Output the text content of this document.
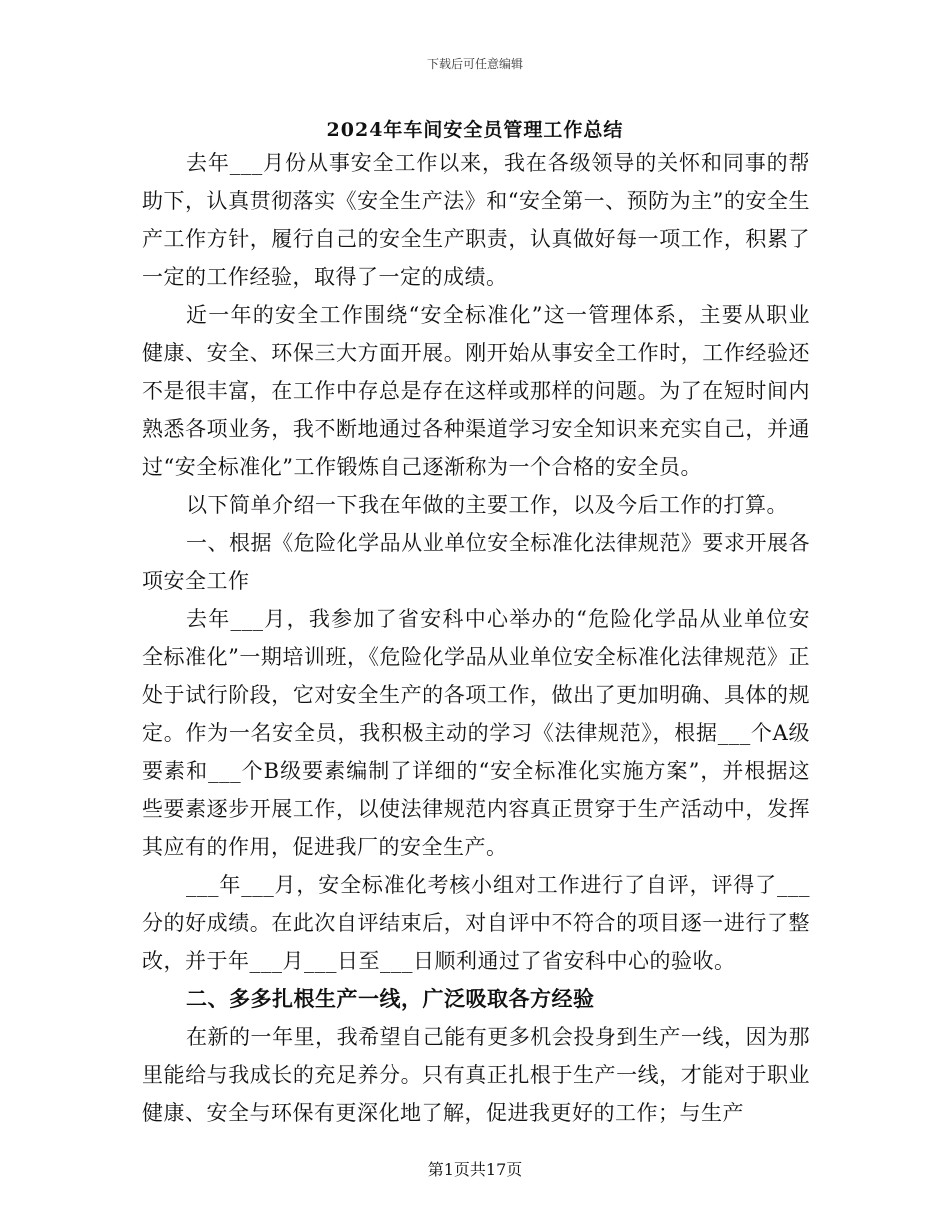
下载后可任意编辑
2024年车间安全员管理工作总结

去年___月份从事安全工作以来，我在各级领导的关怀和同事的帮助下，认真贯彻落实《安全生产法》和“安全第一、预防为主”的安全生产工作方针，履行自己的安全生产职责，认真做好每一项工作，积累了一定的工作经验，取得了一定的成绩。

近一年的安全工作围绕“安全标准化”这一管理体系，主要从职业健康、安全、环保三大方面开展。刚开始从事安全工作时，工作经验还不是很丰富，在工作中存总是存在这样或那样的问题。为了在短时间内熟悉各项业务，我不断地通过各种渠道学习安全知识来充实自己，并通过“安全标准化”工作锻炼自己逐渐称为一个合格的安全员。

以下简单介绍一下我在年做的主要工作，以及今后工作的打算。

一、根据《危险化学品从业单位安全标准化法律规范》要求开展各项安全工作

去年___月，我参加了省安科中心举办的“危险化学品从业单位安全标准化”一期培训班，《危险化学品从业单位安全标准化法律规范》正处于试行阶段，它对安全生产的各项工作，做出了更加明确、具体的规定。作为一名安全员，我积极主动的学习《法律规范》，根据___个A级要素和___个B级要素编制了详细的“安全标准化实施方案”，并根据这些要素逐步开展工作，以使法律规范内容真正贯穿于生产活动中，发挥其应有的作用，促进我厂的安全生产。

___年___月，安全标准化考核小组对工作进行了自评，评得了___分的好成绩。在此次自评结束后，对自评中不符合的项目逐一进行了整改，并于年___月___日至___日顺利通过了省安科中心的验收。

二、多多扎根生产一线，广泛吸取各方经验

在新的一年里，我希望自己能有更多机会投身到生产一线，因为那里能给与我成长的充足养分。只有真正扎根于生产一线，才能对于职业健康、安全与环保有更深化地了解，促进我更好的工作；与生产

第1页共17页
